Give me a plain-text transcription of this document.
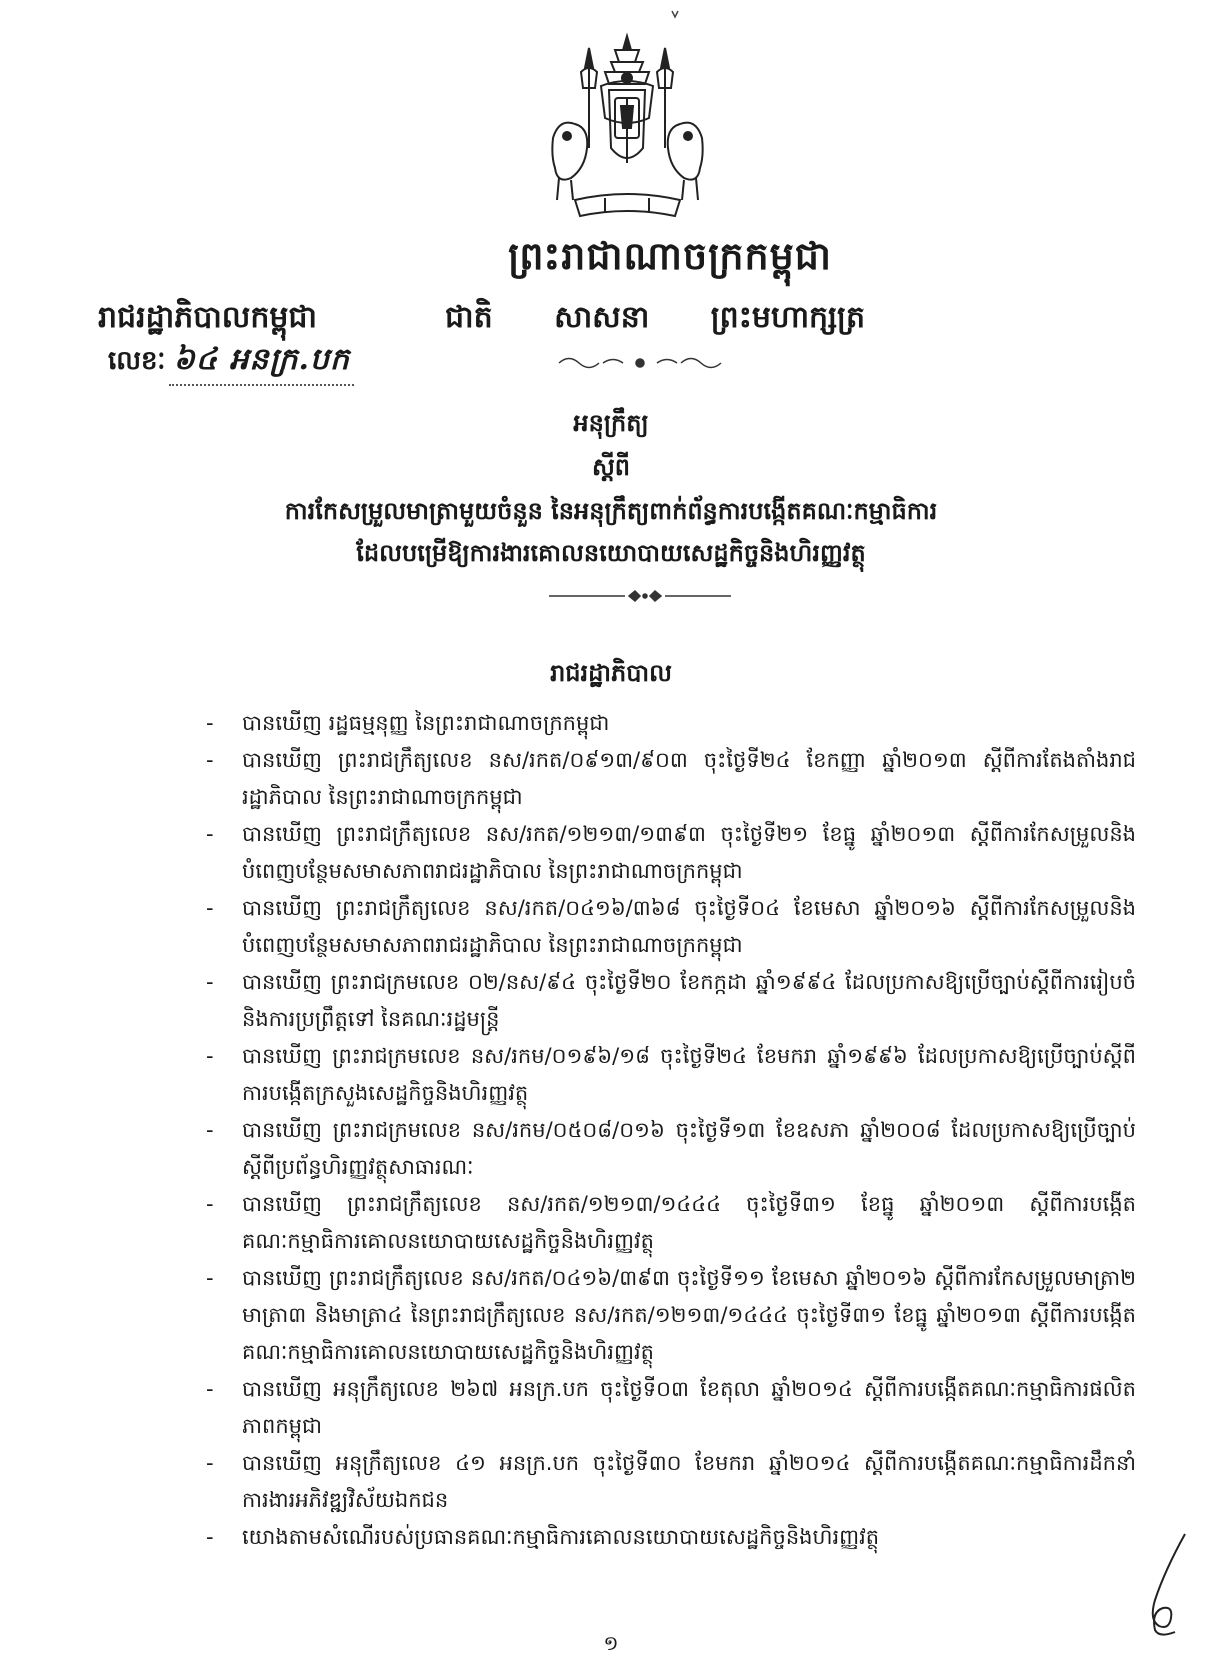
ព្រះរាជាណាចក្រកម្ពុជា
រាជរដ្ឋាភិបាលកម្ពុជា	ជាតិ សាសនា ព្រះមហាក្សត្រ
លេខៈ ៦៤ អនក្រ.បក
អនុក្រឹត្យ
ស្តីពី
ការកែសម្រួលមាត្រាមួយចំនួន នៃអនុក្រឹត្យពាក់ព័ន្ធការបង្កើតគណៈកម្មាធិការ
ដែលបម្រើឱ្យការងារគោលនយោបាយសេដ្ឋកិច្ចនិងហិរញ្ញវត្ថុ
រាជរដ្ឋាភិបាល
- បានឃើញ រដ្ឋធម្មនុញ្ញ នៃព្រះរាជាណាចក្រកម្ពុជា
- បានឃើញ ព្រះរាជក្រឹត្យលេខ នស/រកត/០៩១៣/៩០៣ ចុះថ្ងៃទី២៤ ខែកញ្ញា ឆ្នាំ២០១៣ ស្តីពីការតែងតាំងរាជរដ្ឋាភិបាល នៃព្រះរាជាណាចក្រកម្ពុជា
- បានឃើញ ព្រះរាជក្រឹត្យលេខ នស/រកត/១២១៣/១៣៩៣ ចុះថ្ងៃទី២១ ខែធ្នូ ឆ្នាំ២០១៣ ស្តីពីការកែសម្រួលនិងបំពេញបន្ថែមសមាសភាពរាជរដ្ឋាភិបាល នៃព្រះរាជាណាចក្រកម្ពុជា
- បានឃើញ ព្រះរាជក្រឹត្យលេខ នស/រកត/០៤១៦/៣៦៨ ចុះថ្ងៃទី០៤ ខែមេសា ឆ្នាំ២០១៦ ស្តីពីការកែសម្រួលនិងបំពេញបន្ថែមសមាសភាពរាជរដ្ឋាភិបាល នៃព្រះរាជាណាចក្រកម្ពុជា
- បានឃើញ ព្រះរាជក្រមលេខ ០២/នស/៩៤ ចុះថ្ងៃទី២០ ខែកក្កដា ឆ្នាំ១៩៩៤ ដែលប្រកាសឱ្យប្រើច្បាប់ស្តីពីការរៀបចំនិងការប្រព្រឹត្តទៅ នៃគណៈរដ្ឋមន្ត្រី
- បានឃើញ ព្រះរាជក្រមលេខ នស/រកម/០១៩៦/១៨ ចុះថ្ងៃទី២៤ ខែមករា ឆ្នាំ១៩៩៦ ដែលប្រកាសឱ្យប្រើច្បាប់ស្តីពីការបង្កើតក្រសួងសេដ្ឋកិច្ចនិងហិរញ្ញវត្ថុ
- បានឃើញ ព្រះរាជក្រមលេខ នស/រកម/០៥០៨/០១៦ ចុះថ្ងៃទី១៣ ខែឧសភា ឆ្នាំ២០០៨ ដែលប្រកាសឱ្យប្រើច្បាប់ស្តីពីប្រព័ន្ធហិរញ្ញវត្ថុសាធារណៈ
- បានឃើញ ព្រះរាជក្រឹត្យលេខ នស/រកត/១២១៣/១៤៤៤ ចុះថ្ងៃទី៣១ ខែធ្នូ ឆ្នាំ២០១៣ ស្តីពីការបង្កើតគណៈកម្មាធិការគោលនយោបាយសេដ្ឋកិច្ចនិងហិរញ្ញវត្ថុ
- បានឃើញ ព្រះរាជក្រឹត្យលេខ នស/រកត/០៤១៦/៣៩៣ ចុះថ្ងៃទី១១ ខែមេសា ឆ្នាំ២០១៦ ស្តីពីការកែសម្រួលមាត្រា២ មាត្រា៣ និងមាត្រា៤ នៃព្រះរាជក្រឹត្យលេខ នស/រកត/១២១៣/១៤៤៤ ចុះថ្ងៃទី៣១ ខែធ្នូ ឆ្នាំ២០១៣ ស្តីពីការបង្កើតគណៈកម្មាធិការគោលនយោបាយសេដ្ឋកិច្ចនិងហិរញ្ញវត្ថុ
- បានឃើញ អនុក្រឹត្យលេខ ២៦៧ អនក្រ.បក ចុះថ្ងៃទី០៣ ខែតុលា ឆ្នាំ២០១៤ ស្តីពីការបង្កើតគណៈកម្មាធិការផលិតភាពកម្ពុជា
- បានឃើញ អនុក្រឹត្យលេខ ៤១ អនក្រ.បក ចុះថ្ងៃទី៣០ ខែមករា ឆ្នាំ២០១៤ ស្តីពីការបង្កើតគណៈកម្មាធិការដឹកនាំការងារអភិវឌ្ឍវិស័យឯកជន
- យោងតាមសំណើរបស់ប្រធានគណៈកម្មាធិការគោលនយោបាយសេដ្ឋកិច្ចនិងហិរញ្ញវត្ថុ
១
